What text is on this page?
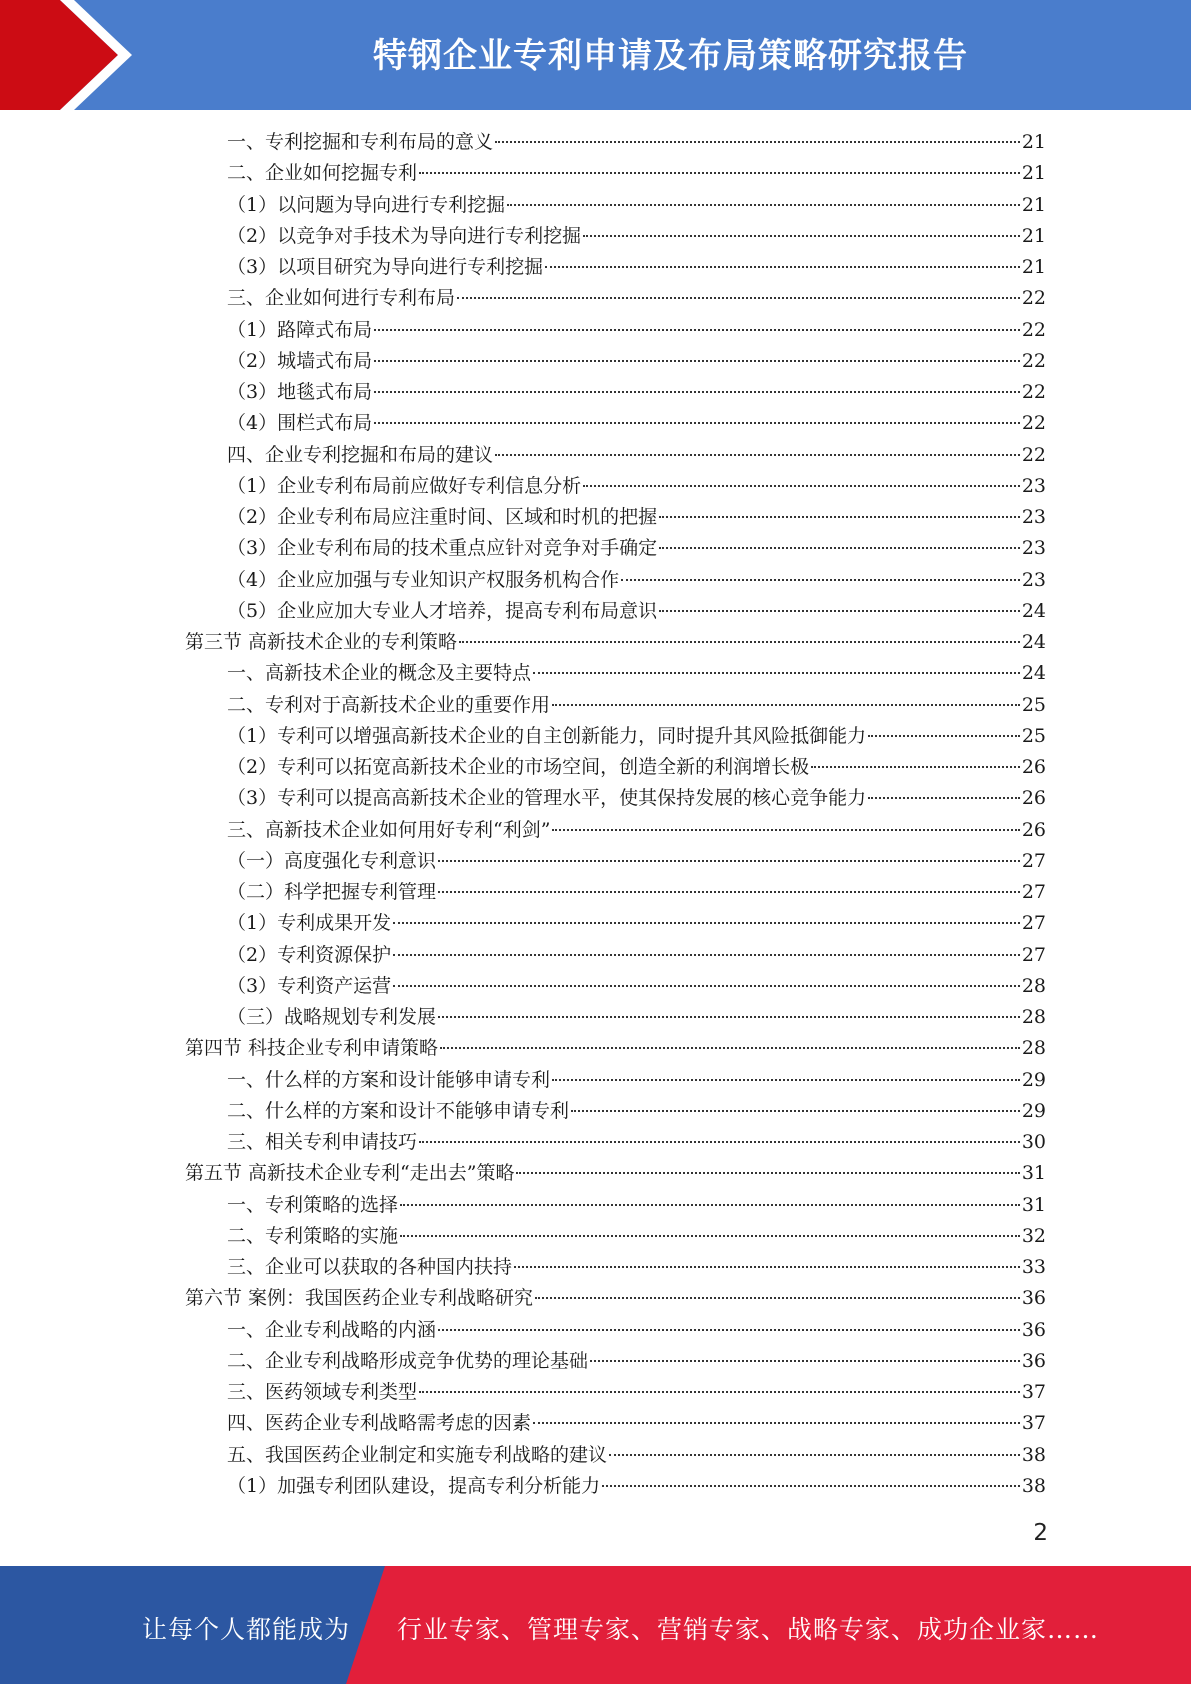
特钢企业专利申请及布局策略研究报告
一、专利挖掘和专利布局的意义	21
二、企业如何挖掘专利	21
（1）以问题为导向进行专利挖掘	21
（2）以竞争对手技术为导向进行专利挖掘	21
（3）以项目研究为导向进行专利挖掘	21
三、企业如何进行专利布局	22
（1）路障式布局	22
（2）城墙式布局	22
（3）地毯式布局	22
（4）围栏式布局	22
四、企业专利挖掘和布局的建议	22
（1）企业专利布局前应做好专利信息分析	23
（2）企业专利布局应注重时间、区域和时机的把握	23
（3）企业专利布局的技术重点应针对竞争对手确定	23
（4）企业应加强与专业知识产权服务机构合作	23
（5）企业应加大专业人才培养，提高专利布局意识	24
第三节 高新技术企业的专利策略	24
一、高新技术企业的概念及主要特点	24
二、专利对于高新技术企业的重要作用	25
（1）专利可以增强高新技术企业的自主创新能力，同时提升其风险抵御能力	25
（2）专利可以拓宽高新技术企业的市场空间，创造全新的利润增长极	26
（3）专利可以提高高新技术企业的管理水平，使其保持发展的核心竞争能力	26
三、高新技术企业如何用好专利“利剑”	26
（一）高度强化专利意识	27
（二）科学把握专利管理	27
（1）专利成果开发	27
（2）专利资源保护	27
（3）专利资产运营	28
（三）战略规划专利发展	28
第四节 科技企业专利申请策略	28
一、什么样的方案和设计能够申请专利	29
二、什么样的方案和设计不能够申请专利	29
三、相关专利申请技巧	30
第五节 高新技术企业专利“走出去”策略	31
一、专利策略的选择	31
二、专利策略的实施	32
三、企业可以获取的各种国内扶持	33
第六节 案例：我国医药企业专利战略研究	36
一、企业专利战略的内涵	36
二、企业专利战略形成竞争优势的理论基础	36
三、医药领域专利类型	37
四、医药企业专利战略需考虑的因素	37
五、我国医药企业制定和实施专利战略的建议	38
（1）加强专利团队建设，提高专利分析能力	38
2
让每个人都能成为 行业专家、管理专家、营销专家、战略专家、成功企业家……
